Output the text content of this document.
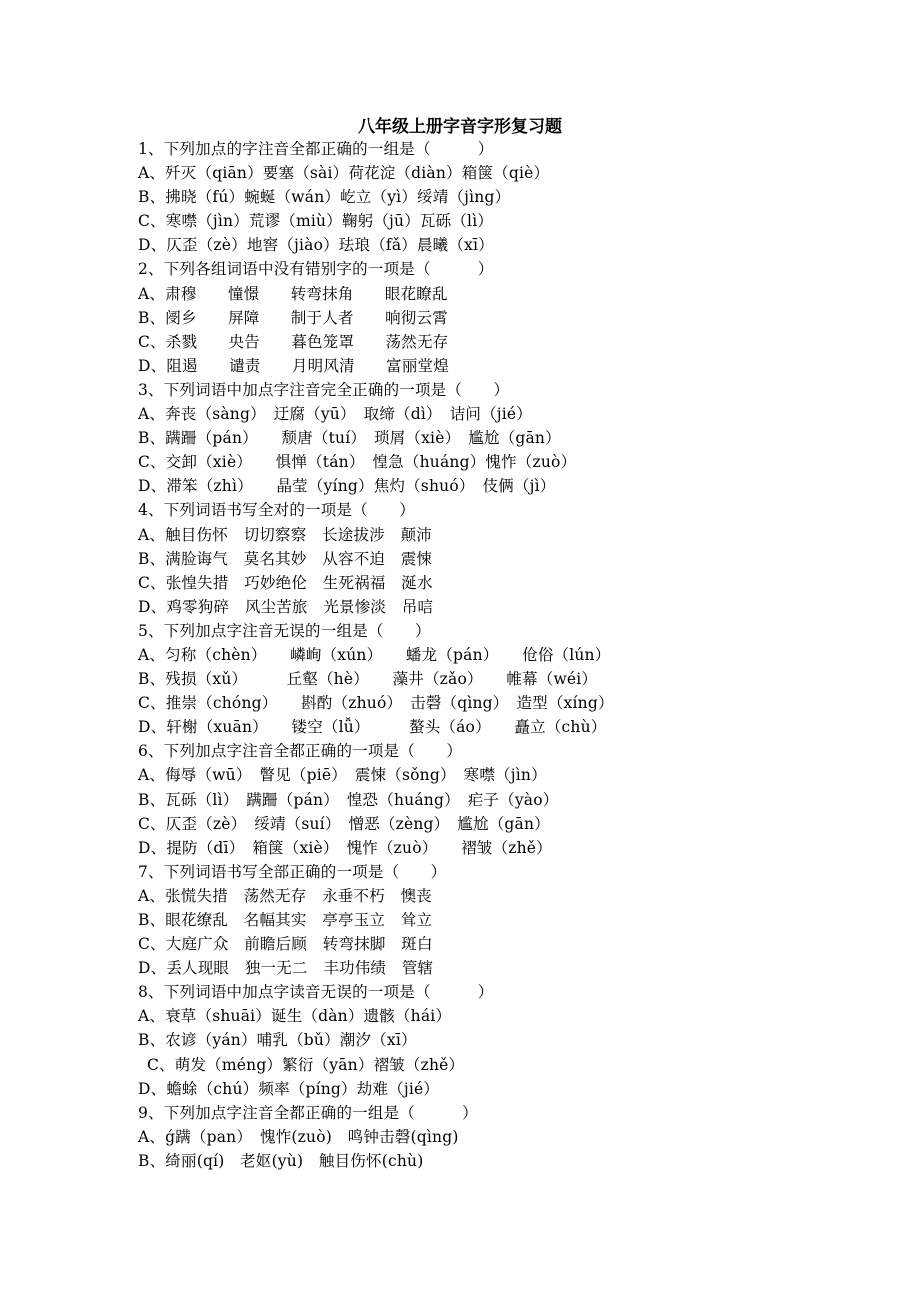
八年级上册字音字形复习题
1、下列加点的字注音全都正确的一组是（　　　）
A、歼灭（qiān）要塞（sài）荷花淀（diàn）箱箧（qiè）
B、拂晓（fú）蜿蜒（wán）屹立（yì）绥靖（jìng）
C、寒噤（jìn）荒谬（miù）鞠躬（jū）瓦砾（lì）
D、仄歪（zè）地窖（jiào）珐琅（fǎ）晨曦（xī）
2、下列各组词语中没有错别字的一项是（　　　）
A、肃穆　　憧憬　　转弯抹角　　眼花瞭乱
B、阌乡　　屏障　　制于人者　　响彻云霄
C、杀戮　　央告　　暮色笼罩　　荡然无存
D、阻遏　　谴责　　月明风清　　富丽堂煌
3、下列词语中加点字注音完全正确的一项是（　　）
A、奔丧（sàng）　迂腐（yū）　取缔（dì）　诘问（jié）
B、蹒跚（pán）　　颓唐（tuí）　琐屑（xiè）　尴尬（gān）
C、交卸（xiè）　　惧惮（tán）　惶急（huáng）愧怍（zuò）
D、滞笨（zhì）　　晶莹（yíng）焦灼（shuó）　伎俩（jì）
4、下列词语书写全对的一项是（　　）
A、触目伤怀　切切察察　长途拔涉　颠沛
B、满脸诲气　莫名其妙　从容不迫　震悚
C、张惶失措　巧妙绝伦　生死祸福　涎水
D、鸡零狗碎　风尘苦旅　光景惨淡　吊唁
5、下列加点字注音无误的一组是（　　）
A、匀称（chèn）　　嶙峋（xún）　　蟠龙（pán）　　伧俗（lún）
B、残损（xǔ）　　　丘壑（hè）　　藻井（zǎo）　　帷幕（wéi）
C、推崇（chóng）　　斟酌（zhuó）　击磬（qìng）　造型（xíng）
D、轩榭（xuān）　　镂空（lǚ）　　　螯头（áo）　　矗立（chù）
6、下列加点字注音全都正确的一项是（　　）
A、侮辱（wū）　瞥见（piē）　震悚（sǒng）　寒噤（jìn）
B、瓦砾（lì）　蹒跚（pán）　惶恐（huáng）　疟子（yào）
C、仄歪（zè）　绥靖（suí）　憎恶（zèng）　尴尬（gān）
D、提防（dī）　箱箧（xiè）　愧怍（zuò）　　褶皱（zhě）
7、下列词语书写全部正确的一项是（　　）
A、张慌失措　荡然无存　永垂不朽　懊丧
B、眼花缭乱　名幅其实　亭亭玉立　耸立
C、大庭广众　前瞻后顾　转弯抹脚　斑白
D、丢人现眼　独一无二　丰功伟绩　管辖
8、下列词语中加点字读音无误的一项是（　　　）
A、衰草（shuāi）诞生（dàn）遗骸（hái）
B、农谚（yán）哺乳（bǔ）潮汐（xī）
C、萌发（méng）繁衍（yān）褶皱（zhě）
D、蟾蜍（chú）频率（píng）劫难（jié）
9、下列加点字注音全都正确的一组是（　　　）
A、ǵ蹒（pan）　愧怍(zuò)　鸣钟击磬(qìng)
B、绮丽(qí)　老妪(yù)　触目伤怀(chù)
